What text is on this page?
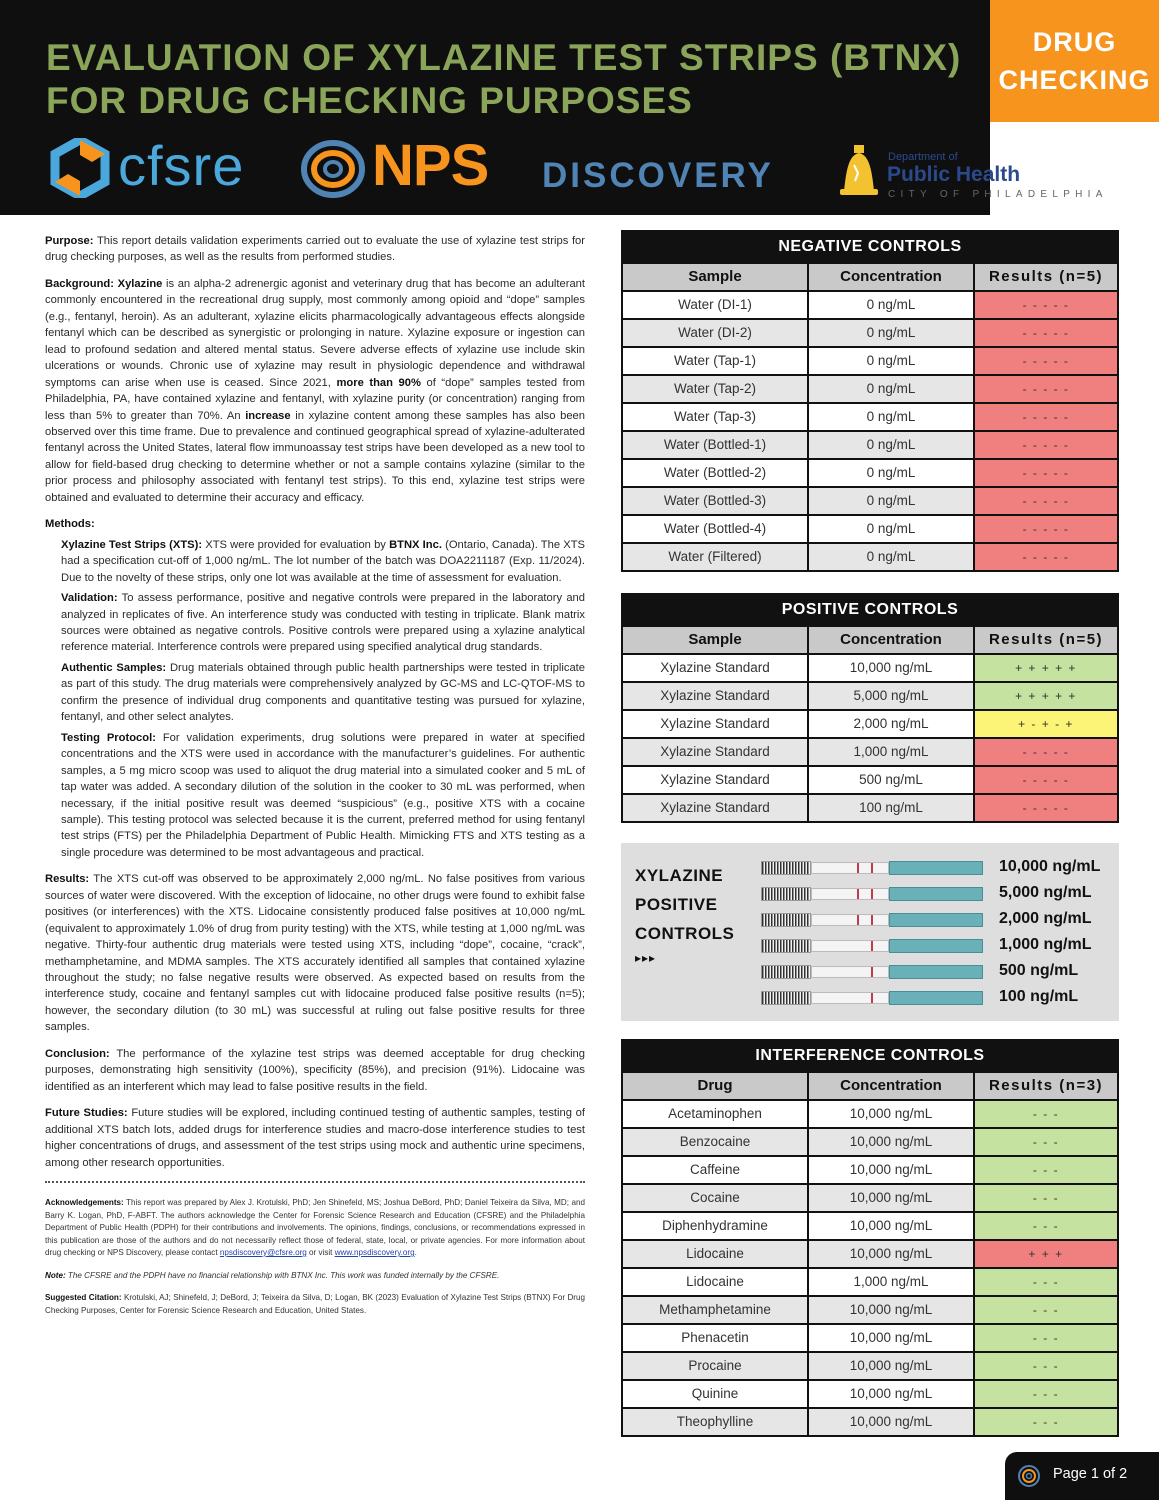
DRUG
CHECKING
EVALUATION OF XYLAZINE TEST STRIPS (BTNX)
FOR DRUG CHECKING PURPOSES
cfsre NPS DISCOVERY	Department of
Public Health
CITY OF PHILADELPHIA

Purpose: This report details validation experiments carried out to evaluate the use of xylazine test strips for drug checking purposes, as well as the results from performed studies.

Background: Xylazine is an alpha-2 adrenergic agonist and veterinary drug that has become an adulterant commonly encountered in the recreational drug supply, most commonly among opioid and “dope” samples (e.g., fentanyl, heroin). As an adulterant, xylazine elicits pharmacologically advantageous effects alongside fentanyl which can be described as synergistic or prolonging in nature. Xylazine exposure or ingestion can lead to profound sedation and altered mental status. Severe adverse effects of xylazine use include skin ulcerations or wounds. Chronic use of xylazine may result in physiologic dependence and withdrawal symptoms can arise when use is ceased. Since 2021, more than 90% of “dope” samples tested from Philadelphia, PA, have contained xylazine and fentanyl, with xylazine purity (or concentration) ranging from less than 5% to greater than 70%. An increase in xylazine content among these samples has also been observed over this time frame. Due to prevalence and continued geographical spread of xylazine-adulterated fentanyl across the United States, lateral flow immunoassay test strips have been developed as a new tool to allow for field-based drug checking to determine whether or not a sample contains xylazine (similar to the prior process and philosophy associated with fentanyl test strips). To this end, xylazine test strips were obtained and evaluated to determine their accuracy and efficacy.

Methods:

Xylazine Test Strips (XTS): XTS were provided for evaluation by BTNX Inc. (Ontario, Canada). The XTS had a specification cut-off of 1,000 ng/mL. The lot number of the batch was DOA2211187 (Exp. 11/2024). Due to the novelty of these strips, only one lot was available at the time of assessment for evaluation.

Validation: To assess performance, positive and negative controls were prepared in the laboratory and analyzed in replicates of five. An interference study was conducted with testing in triplicate. Blank matrix sources were obtained as negative controls. Positive controls were prepared using a xylazine analytical reference material. Interference controls were prepared using specified analytical drug standards.

Authentic Samples: Drug materials obtained through public health partnerships were tested in triplicate as part of this study. The drug materials were comprehensively analyzed by GC-MS and LC-QTOF-MS to confirm the presence of individual drug components and quantitative testing was pursued for xylazine, fentanyl, and other select analytes.

Testing Protocol: For validation experiments, drug solutions were prepared in water at specified concentrations and the XTS were used in accordance with the manufacturer’s guidelines. For authentic samples, a 5 mg micro scoop was used to aliquot the drug material into a simulated cooker and 5 mL of tap water was added. A secondary dilution of the solution in the cooker to 30 mL was performed, when necessary, if the initial positive result was deemed “suspicious” (e.g., positive XTS with a cocaine sample). This testing protocol was selected because it is the current, preferred method for using fentanyl test strips (FTS) per the Philadelphia Department of Public Health. Mimicking FTS and XTS testing as a single procedure was determined to be most advantageous and practical.

Results: The XTS cut-off was observed to be approximately 2,000 ng/mL. No false positives from various sources of water were discovered. With the exception of lidocaine, no other drugs were found to exhibit false positives (or interferences) with the XTS. Lidocaine consistently produced false positives at 10,000 ng/mL (equivalent to approximately 1.0% of drug from purity testing) with the XTS, while testing at 1,000 ng/mL was negative. Thirty-four authentic drug materials were tested using XTS, including “dope”, cocaine, “crack”, methamphetamine, and MDMA samples. The XTS accurately identified all samples that contained xylazine throughout the study; no false negative results were observed. As expected based on results from the interference study, cocaine and fentanyl samples cut with lidocaine produced false positive results (n=5); however, the secondary dilution (to 30 mL) was successful at ruling out false positive results for three samples.

Conclusion: The performance of the xylazine test strips was deemed acceptable for drug checking purposes, demonstrating high sensitivity (100%), specificity (85%), and precision (91%). Lidocaine was identified as an interferent which may lead to false positive results in the field.

Future Studies: Future studies will be explored, including continued testing of authentic samples, testing of additional XTS batch lots, added drugs for interference studies and macro-dose interference studies to test higher concentrations of drugs, and assessment of the test strips using mock and authentic urine specimens, among other research opportunities.

Acknowledgements: This report was prepared by Alex J. Krotulski, PhD; Jen Shinefeld, MS; Joshua DeBord, PhD; Daniel Teixeira da Silva, MD; and Barry K. Logan, PhD, F-ABFT. The authors acknowledge the Center for Forensic Science Research and Education (CFSRE) and the Philadelphia Department of Public Health (PDPH) for their contributions and involvements. The opinions, findings, conclusions, or recommendations expressed in this publication are those of the authors and do not necessarily reflect those of federal, state, local, or private agencies. For more information about drug checking or NPS Discovery, please contact npsdiscovery@cfsre.org or visit www.npsdiscovery.org.

Note: The CFSRE and the PDPH have no financial relationship with BTNX Inc. This work was funded internally by the CFSRE.

Suggested Citation: Krotulski, AJ; Shinefeld, J; DeBord, J; Teixeira da Silva, D; Logan, BK (2023) Evaluation of Xylazine Test Strips (BTNX) For Drug Checking Purposes, Center for Forensic Science Research and Education, United States.

NEGATIVE CONTROLS
Sample	Concentration	Results (n=5)
Water (DI-1)	0 ng/mL	- - - - -
Water (DI-2)	0 ng/mL	- - - - -
Water (Tap-1)	0 ng/mL	- - - - -
Water (Tap-2)	0 ng/mL	- - - - -
Water (Tap-3)	0 ng/mL	- - - - -
Water (Bottled-1)	0 ng/mL	- - - - -
Water (Bottled-2)	0 ng/mL	- - - - -
Water (Bottled-3)	0 ng/mL	- - - - -
Water (Bottled-4)	0 ng/mL	- - - - -
Water (Filtered)	0 ng/mL	- - - - -
POSITIVE CONTROLS
Sample	Concentration	Results (n=5)
Xylazine Standard	10,000 ng/mL	+ + + + +
Xylazine Standard	5,000 ng/mL	+ + + + +
Xylazine Standard	2,000 ng/mL	+ - + - +
Xylazine Standard	1,000 ng/mL	- - - - -
Xylazine Standard	500 ng/mL	- - - - -
Xylazine Standard	100 ng/mL	- - - - -
XYLAZINE
POSITIVE
CONTROLS
▸▸▸
10,000 ng/mL
5,000 ng/mL
2,000 ng/mL
1,000 ng/mL
500 ng/mL
100 ng/mL
INTERFERENCE CONTROLS
Drug	Concentration	Results (n=3)
Acetaminophen	10,000 ng/mL	- - -
Benzocaine	10,000 ng/mL	- - -
Caffeine	10,000 ng/mL	- - -
Cocaine	10,000 ng/mL	- - -
Diphenhydramine	10,000 ng/mL	- - -
Lidocaine	10,000 ng/mL	+ + +
Lidocaine	1,000 ng/mL	- - -
Methamphetamine	10,000 ng/mL	- - -
Phenacetin	10,000 ng/mL	- - -
Procaine	10,000 ng/mL	- - -
Quinine	10,000 ng/mL	- - -
Theophylline	10,000 ng/mL	- - -
Page 1 of 2
